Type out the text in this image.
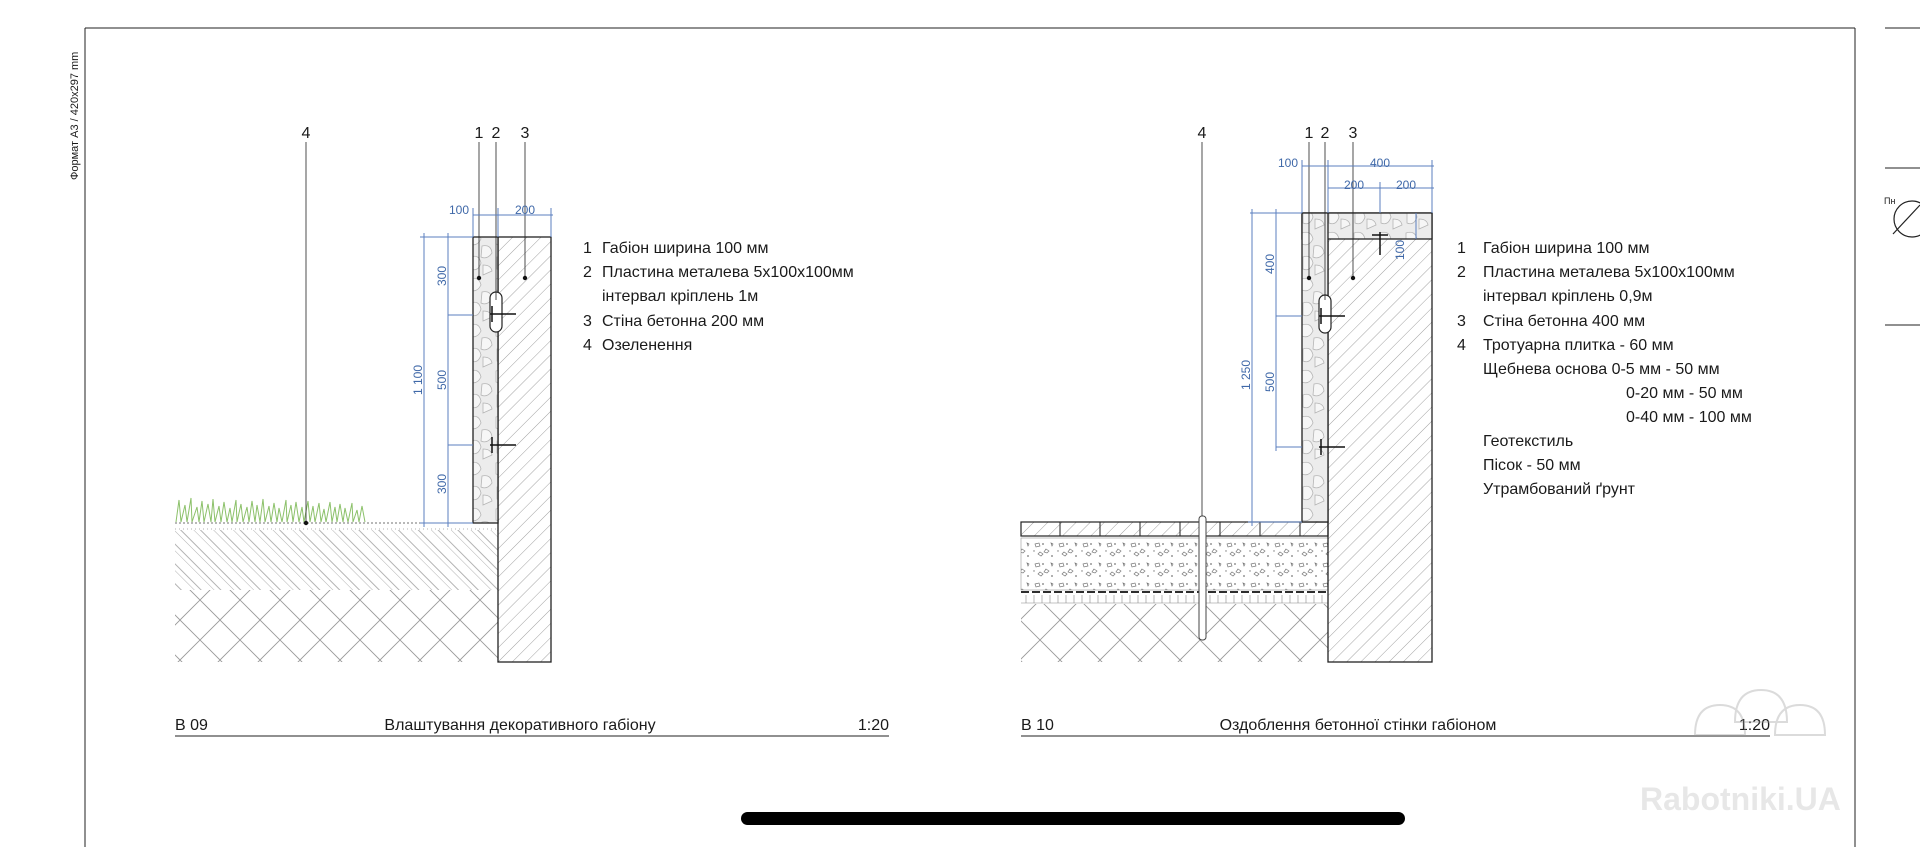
Формат А3 / 420x297 mm
Пн
4	1 2 3
100	200
300
500
300
1 100
1 Габіон ширина 100 мм
2 Пластина металева 5x100x100мм
інтервал кріплень 1м
3 Стіна бетонна 200 мм
4 Озеленення
В 09	Влаштування декоративного габіону	1:20
4	1 2 3
100	400
200	200
100
400
500
1 250
1 Габіон ширина 100 мм
2 Пластина металева 5x100x100мм
інтервал кріплень 0,9м
3 Стіна бетонна 400 мм
4 Тротуарна плитка - 60 мм
Щебнева основа 0-5 мм - 50 мм
0-20 мм - 50 мм
0-40 мм - 100 мм
Геотекстиль
Пісок - 50 мм
Утрамбований ґрунт
В 10	Оздоблення бетонної стінки габіоном	1:20
Rabotniki.UA
